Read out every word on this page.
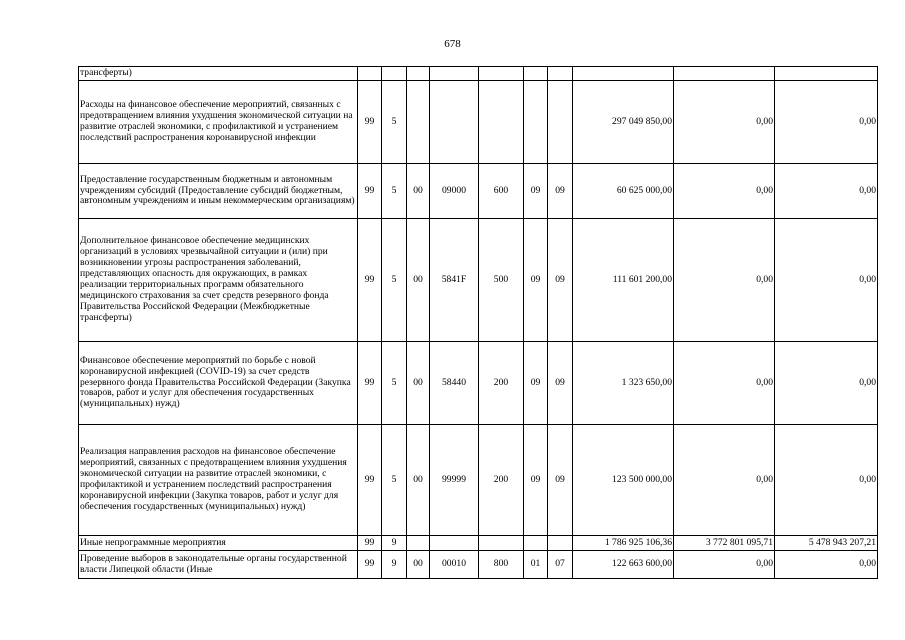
678
трансферты)										
Расходы на финансовое обеспечение мероприятий, связанных с предотвращением влияния ухудшения экономической ситуации на развитие отраслей экономики, с профилактикой и устранением последствий распространения коронавирусной инфекции	99	5						297 049 850,00	0,00	0,00
Предоставление государственным бюджетным и автономным учреждениям субсидий (Предоставление субсидий бюджетным, автономным учреждениям и иным некоммерческим организациям)	99	5	00	09000	600	09	09	60 625 000,00	0,00	0,00
Дополнительное финансовое обеспечение медицинских организаций в условиях чрезвычайной ситуации и (или) при возникновении угрозы распространения заболеваний, представляющих опасность для окружающих, в рамках реализации территориальных программ обязательного медицинского страхования за счет средств резервного фонда Правительства Российской Федерации (Межбюджетные трансферты)	99	5	00	5841F	500	09	09	111 601 200,00	0,00	0,00
Финансовое обеспечение мероприятий по борьбе с новой коронавирусной инфекцией (COVID-19) за счет средств резервного фонда Правительства Российской Федерации (Закупка товаров, работ и услуг для обеспечения государственных (муниципальных) нужд)	99	5	00	58440	200	09	09	1 323 650,00	0,00	0,00
Реализация направления расходов на финансовое обеспечение мероприятий, связанных с предотвращением влияния ухудшения экономической ситуации на развитие отраслей экономики, с профилактикой и устранением последствий распространения коронавирусной инфекции (Закупка товаров, работ и услуг для обеспечения государственных (муниципальных) нужд)	99	5	00	99999	200	09	09	123 500 000,00	0,00	0,00
Иные непрограммные мероприятия	99	9						1 786 925 106,36	3 772 801 095,71	5 478 943 207,21
Проведение выборов в законодательные органы государственной власти Липецкой области (Иные	99	9	00	00010	800	01	07	122 663 600,00	0,00	0,00
